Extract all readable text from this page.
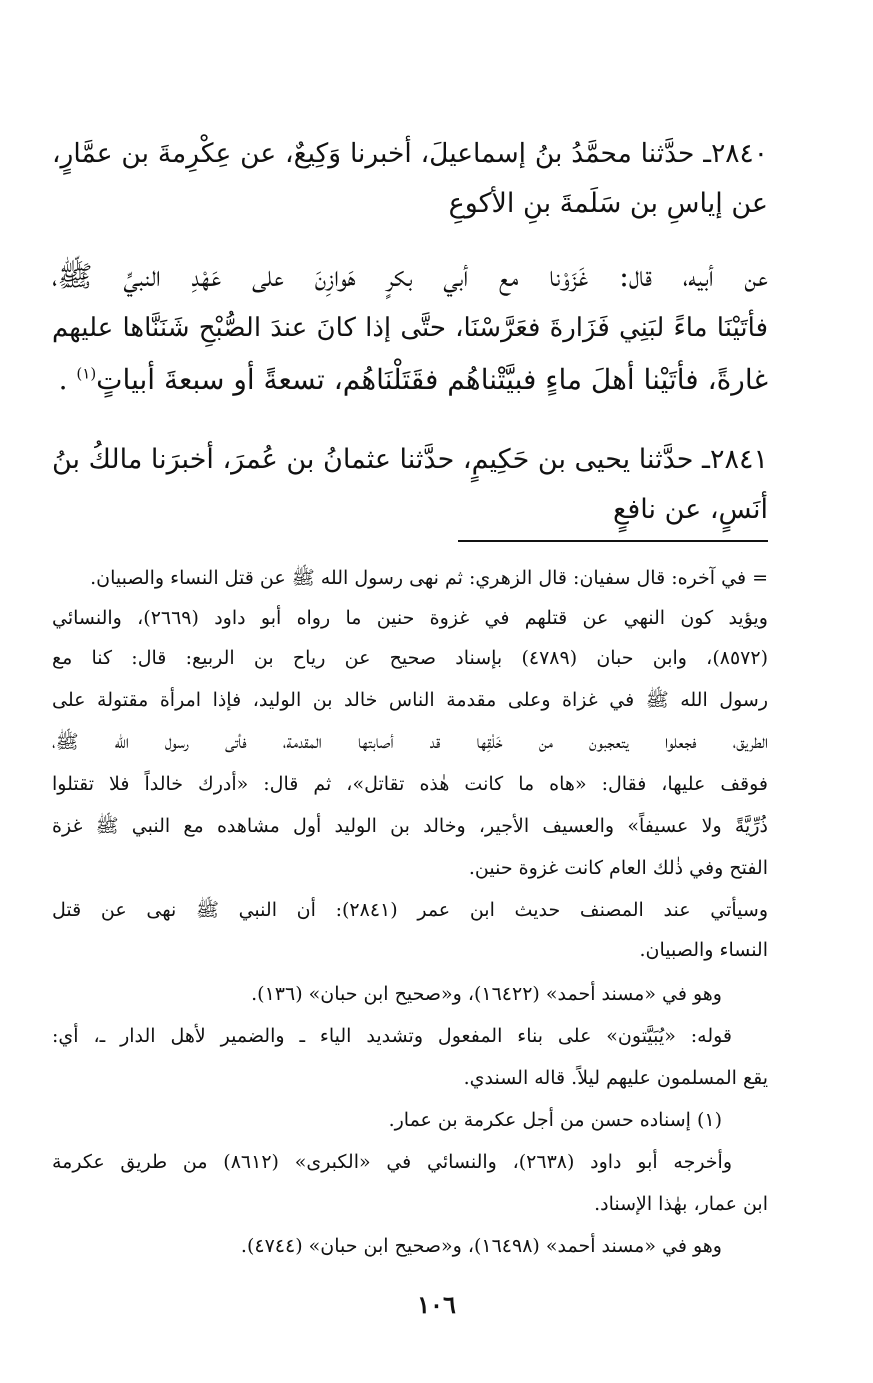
٢٨٤٠ـ حدَّثنا محمَّدُ بنُ إسماعيلَ، أخبرنا وَكِيعٌ، عن عِكْرِمةَ بن عمَّارٍ،
عن إياسِ بن سَلَمةَ بنِ الأكوعِ
عن أبيه، قال: غَزَوْنا مع أبي بكرٍ هَوازِنَ على عَهْدِ النبيِّ ﷺ،
فأتَيْنَا ماءً لبَنِي فَزَارةَ فعَرَّسْنَا، حتَّى إذا كانَ عندَ الصُّبْحِ شَنَنَّاها عليهم
غارةً، فأتَيْنا أهلَ ماءٍ فبيَّتْناهُم فقَتَلْنَاهُم، تسعةً أو سبعةَ أبياتٍ$^{(١)}$ .
٢٨٤١ـ حدَّثنا يحيى بن حَكِيمٍ، حدَّثنا عثمانُ بن عُمرَ، أخبرَنا مالكُ بنُ
أنَسٍ، عن نافعٍ
= في آخره: قال سفيان: قال الزهري: ثم نهى رسول الله ﷺ عن قتل النساء والصبيان.
ويؤيد كون النهي عن قتلهم في غزوة حنين ما رواه أبو داود (٢٦٦٩)، والنسائي
(٨٥٧٢)، وابن حبان (٤٧٨٩) بإسناد صحيح عن رياح بن الربيع: قال: كنا مع
رسول الله ﷺ في غزاة وعلى مقدمة الناس خالد بن الوليد، فإذا امرأة مقتولة على
الطريق، فجعلوا يتعجبون من خَلْقِها قد أصابتها المقدمة، فأتى رسول الله ﷺ،
فوقف عليها، فقال: «هاه ما كانت هٰذه تقاتل»، ثم قال: «أدرك خالداً فلا تقتلوا
ذُرِّيَّةً ولا عسيفاً» والعسيف الأجير، وخالد بن الوليد أول مشاهده مع النبي ﷺ غزة
الفتح وفي ذٰلك العام كانت غزوة حنين.
وسيأتي عند المصنف حديث ابن عمر (٢٨٤١): أن النبي ﷺ نهى عن قتل
النساء والصبيان.
وهو في «مسند أحمد» (١٦٤٢٢)، و«صحيح ابن حبان» (١٣٦).
قوله: «يُبَيَّتون» على بناء المفعول وتشديد الياء ـ والضمير لأهل الدار ـ، أي:
يقع المسلمون عليهم ليلاً. قاله السندي.
(١) إسناده حسن من أجل عكرمة بن عمار.
وأخرجه أبو داود (٢٦٣٨)، والنسائي في «الكبرى» (٨٦١٢) من طريق عكرمة
ابن عمار، بهٰذا الإسناد.
وهو في «مسند أحمد» (١٦٤٩٨)، و«صحيح ابن حبان» (٤٧٤٤).
١٠٦
